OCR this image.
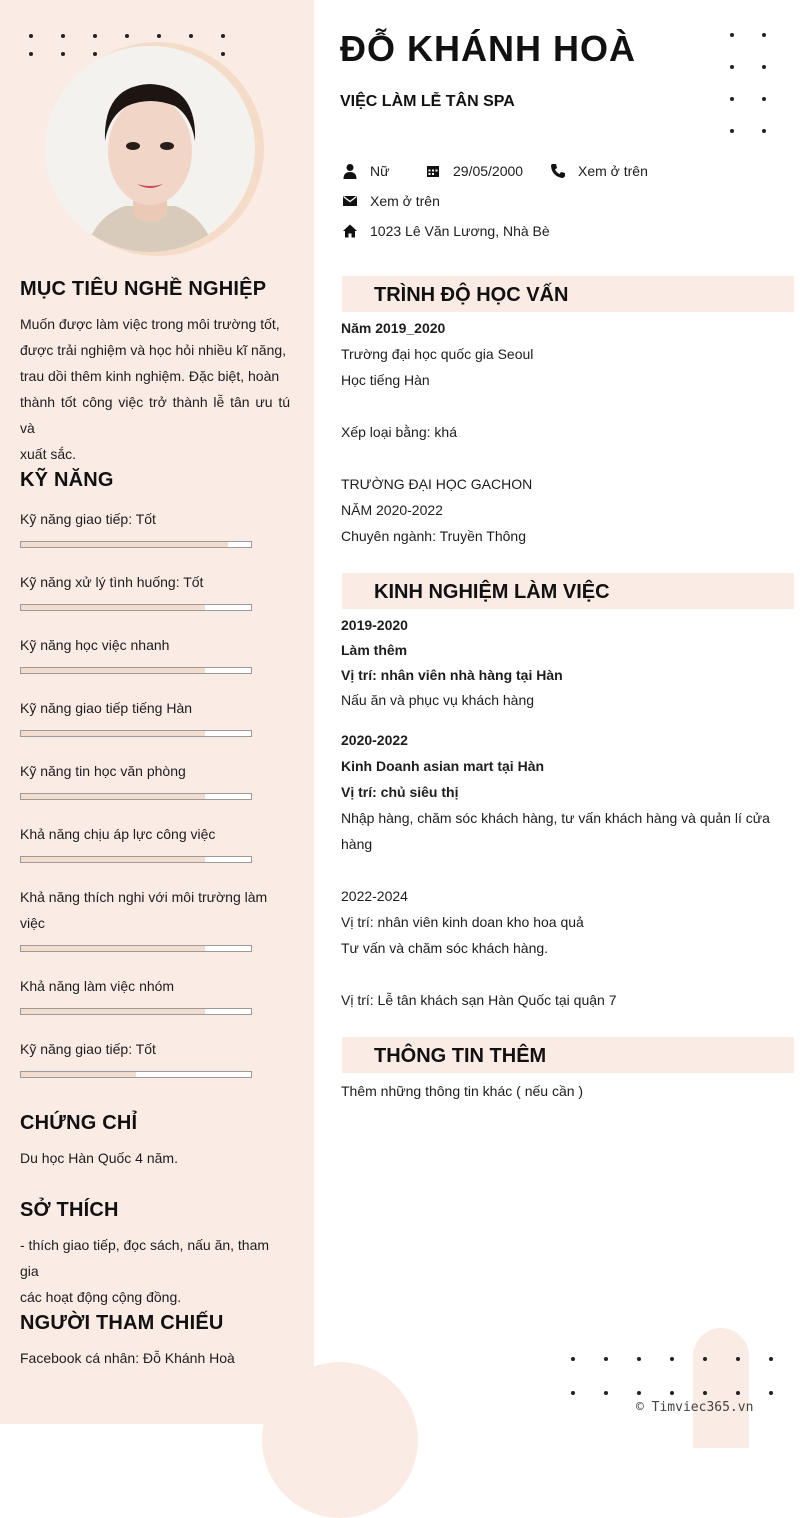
MỤC TIÊU NGHỀ NGHIỆP
Muốn được làm việc trong môi trường tốt,
được trải nghiệm và học hỏi nhiều kĩ năng,
trau dồi thêm kinh nghiệm. Đặc biệt, hoàn
thành tốt công việc trở thành lễ tân ưu tú và
xuất sắc.
KỸ NĂNG
Kỹ năng giao tiếp: Tốt
Kỹ năng xử lý tình huống: Tốt
Kỹ năng học việc nhanh
Kỹ năng giao tiếp tiếng Hàn
Kỹ năng tin học văn phòng
Khả năng chịu áp lực công việc
Khả năng thích nghi với môi trường làm
việc
Khả năng làm việc nhóm
Kỹ năng giao tiếp: Tốt
CHỨNG CHỈ
Du học Hàn Quốc 4 năm.
SỞ THÍCH
- thích giao tiếp, đọc sách, nấu ăn, tham gia
các hoạt động cộng đồng.
NGƯỜI THAM CHIẾU
Facebook cá nhân: Đỗ Khánh Hoà
ĐỖ KHÁNH HOÀ
VIỆC LÀM LỄ TÂN SPA
Nữ	29/05/2000	Xem ở trên
Xem ở trên
1023 Lê Văn Lương, Nhà Bè
TRÌNH ĐỘ HỌC VẤN
Năm 2019_2020
Trường đại học quốc gia Seoul
Học tiếng Hàn
Xếp loại bằng: khá
TRƯỜNG ĐẠI HỌC GACHON
NĂM 2020-2022
Chuyên ngành: Truyền Thông
KINH NGHIỆM LÀM VIỆC
2019-2020
Làm thêm
Vị trí: nhân viên nhà hàng tại Hàn
Nấu ăn và phục vụ khách hàng
2020-2022
Kinh Doanh asian mart tại Hàn
Vị trí: chủ siêu thị
Nhập hàng, chăm sóc khách hàng, tư vấn khách hàng và quản lí cửa
hàng
2022-2024
Vị trí: nhân viên kinh doan kho hoa quả
Tư vấn và chăm sóc khách hàng.
Vị trí: Lễ tân khách sạn Hàn Quốc tại quận 7
THÔNG TIN THÊM
Thêm những thông tin khác ( nếu cần )
© Timviec365.vn
